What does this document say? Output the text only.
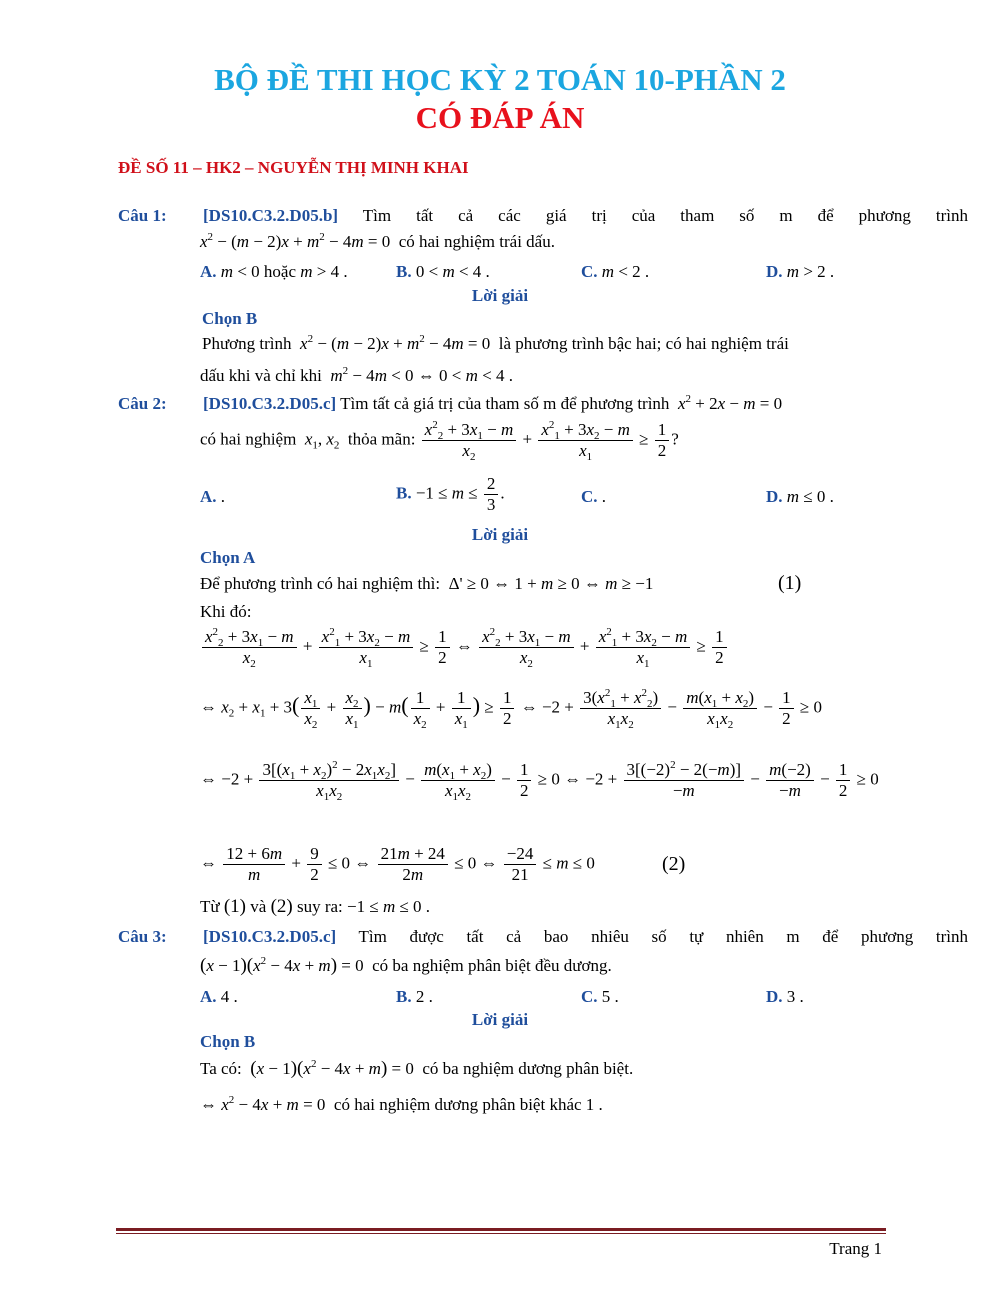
BỘ ĐỀ THI HỌC KỲ 2 TOÁN 10-PHẦN 2
CÓ ĐÁP ÁN
ĐỀ SỐ 11 – HK2 – NGUYỄN THỊ MINH KHAI
Câu 1: [DS10.C3.2.D05.b] Tìm tất cả các giá trị của tham số m để phương trình
$x^2 - (m - 2)x + m^2 - 4m = 0$  có hai nghiệm trái dấu.
A. m < 0 hoặc m > 4 .	B. 0 < m < 4 .	C. m < 2 .	D. m > 2 .
Lời giải
Chọn B
Phương trình $x^2 - (m - 2)x + m^2 - 4m = 0$  là phương trình bậc hai; có hai nghiệm trái
dấu khi và chỉ khi $m^2 - 4m < 0$ ⇔ 0 < m < 4 .
Câu 2: [DS10.C3.2.D05.c] Tìm tất cả giá trị của tham số m để phương trình $x^2 + 2x - m = 0$
có hai nghiệm $x_1$, $x_2$ thỏa mãn: $\frac{x^2_2 + 3x_1 - m}{x_2} + \frac{x^2_1 + 3x_2 - m}{x_1} \ge \frac{1}{2}$ ?
A. .	B. $-1 \le m \le \frac{2}{3}$ .	C. .	D. m ≤ 0 .
Lời giải
Chọn A
Để phương trình có hai nghiệm thì:  Δ' ≥ 0 ⇔ 1 + m ≥ 0 ⇔ m ≥ −1	(1)
Khi đó:
$\frac{x^2_2 + 3x_1 - m}{x_2} + \frac{x^2_1 + 3x_2 - m}{x_1} \ge \frac{1}{2}$ ⇔ $\frac{x^2_2 + 3x_1 - m}{x_2} + \frac{x^2_1 + 3x_2 - m}{x_1} \ge \frac{1}{2}$
⇔ $x_2 + x_1 + 3( \frac{x_1}{x_2} + \frac{x_2}{x_1}$ ) − $m( \frac{1}{x_2} + \frac{1}{x_1}$ ) ≥ $\frac{1}{2}$ ⇔ $-2 + \frac{3(x^2_1 + x^2_2)}{x_1x_2} - \frac{m(x_1 + x_2)}{x_1x_2} - \frac{1}{2} \ge 0$
⇔ $-2 + \frac{3[(x_1 + x_2)^2 - 2x_1x_2]}{x_1x_2} - \frac{m(x_1 + x_2)}{x_1x_2} - \frac{1}{2} \ge 0$ ⇔ $-2 + \frac{3[(-2)^2 - 2(-m)]}{-m} - \frac{m(-2)}{-m} - \frac{1}{2} \ge 0$
⇔ $\frac{12 + 6m}{m} + \frac{9}{2} \le 0$ ⇔ $\frac{21m + 24}{2m} \le 0$ ⇔ $\frac{-24}{21} \le m \le 0$	(2)
Từ (1) và (2) suy ra: −1 ≤ m ≤ 0 .
Câu 3: [DS10.C3.2.D05.c] Tìm được tất cả bao nhiêu số tự nhiên m để phương trình
$(x - 1)(x^2 - 4x + m) = 0$  có ba nghiệm phân biệt đều dương.
A. 4 .	B. 2 .	C. 5 .	D. 3 .
Lời giải
Chọn B
Ta có: $(x - 1)(x^2 - 4x + m) = 0$  có ba nghiệm dương phân biệt.
⇔ $x^2 - 4x + m = 0$  có hai nghiệm dương phân biệt khác 1 .
Trang 1
